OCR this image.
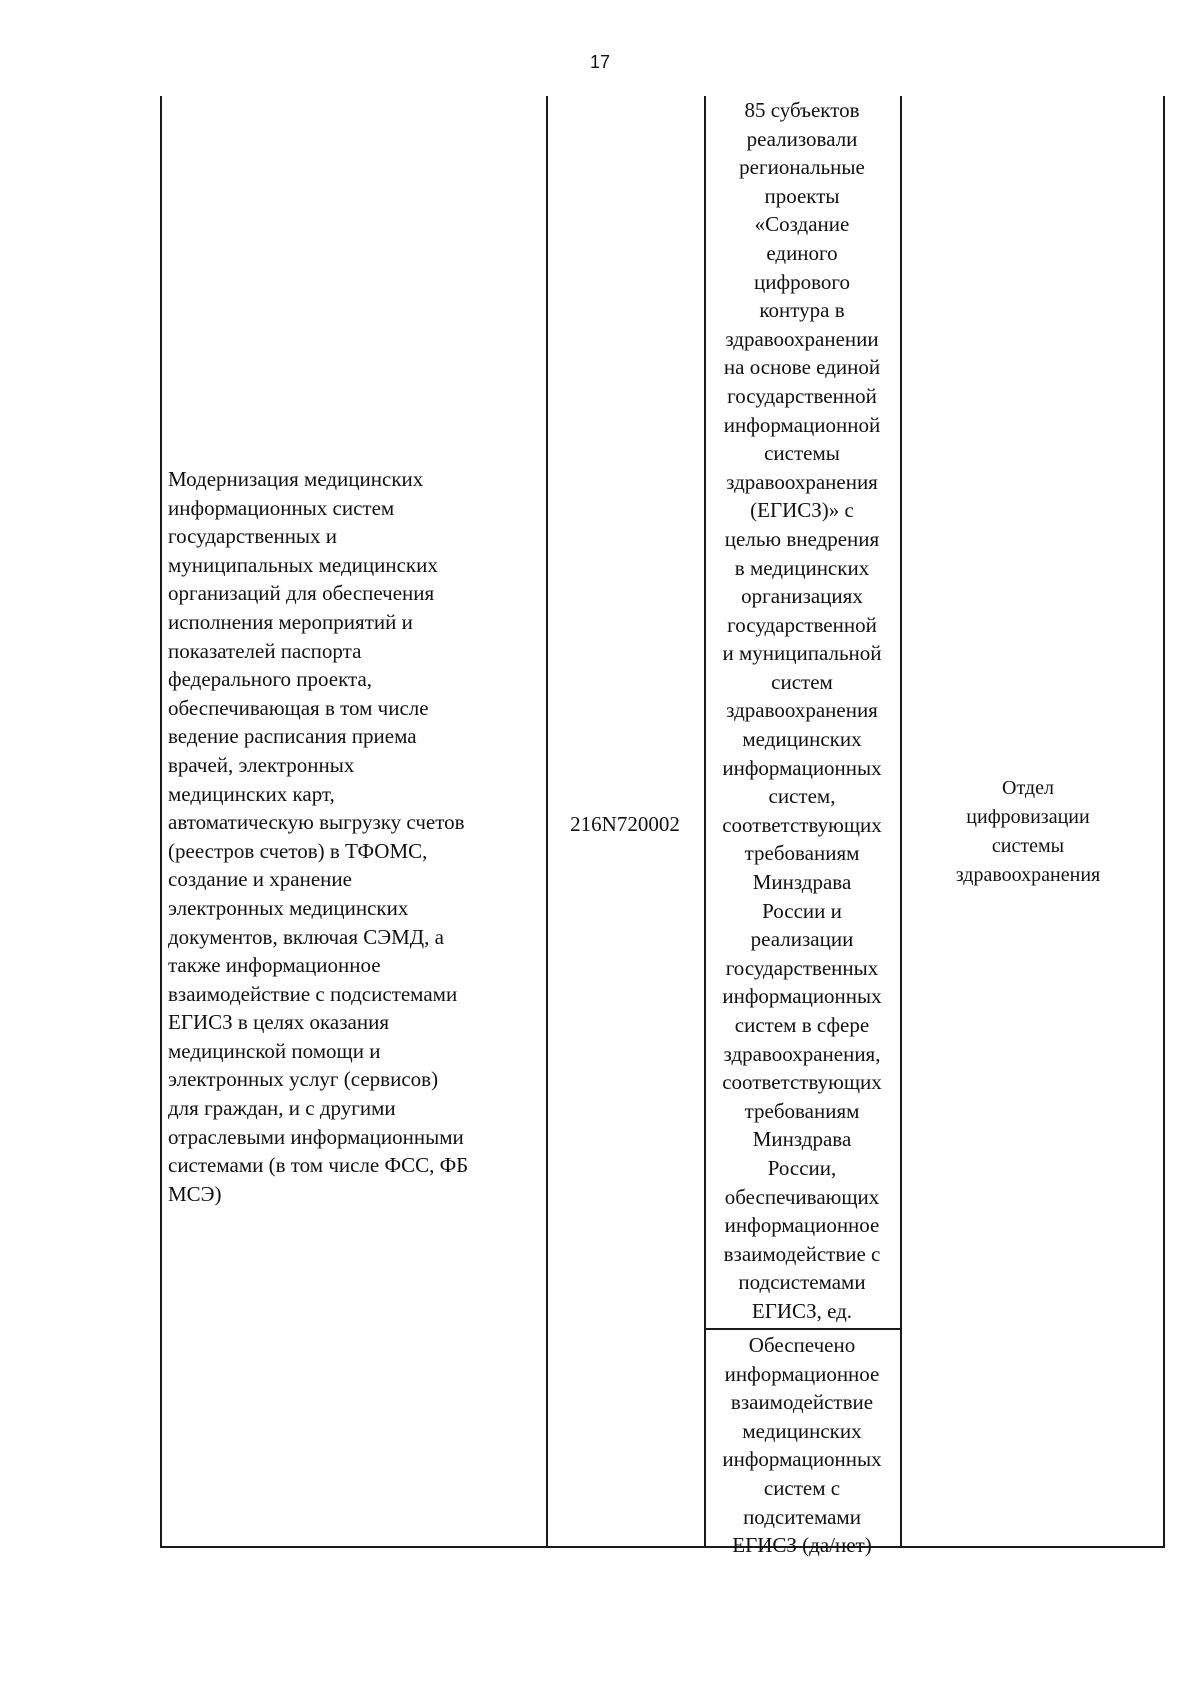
17
Модернизация медицинских
информационных систем
государственных и
муниципальных медицинских
организаций для обеспечения
исполнения мероприятий и
показателей паспорта
федерального проекта,
обеспечивающая в том числе
ведение расписания приема
врачей, электронных
медицинских карт,
автоматическую выгрузку счетов
(реестров счетов) в ТФОМС,
создание и хранение
электронных медицинских
документов, включая СЭМД, а
также информационное
взаимодействие с подсистемами
ЕГИСЗ в целях оказания
медицинской помощи и
электронных услуг (сервисов)
для граждан, и с другими
отраслевыми информационными
системами (в том числе ФСС, ФБ
МСЭ)
216N720002
85 субъектов
реализовали
региональные
проекты
«Создание
единого
цифрового
контура в
здравоохранении
на основе единой
государственной
информационной
системы
здравоохранения
(ЕГИСЗ)» с
целью внедрения
в медицинских
организациях
государственной
и муниципальной
систем
здравоохранения
медицинских
информационных
систем,
соответствующих
требованиям
Минздрава
России и
реализации
государственных
информационных
систем в сфере
здравоохранения,
соответствующих
требованиям
Минздрава
России,
обеспечивающих
информационное
взаимодействие с
подсистемами
ЕГИСЗ, ед.
Обеспечено
информационное
взаимодействие
медицинских
информационных
систем с
подситемами
ЕГИСЗ (да/нет)
Отдел
цифровизации
системы
здравоохранения
